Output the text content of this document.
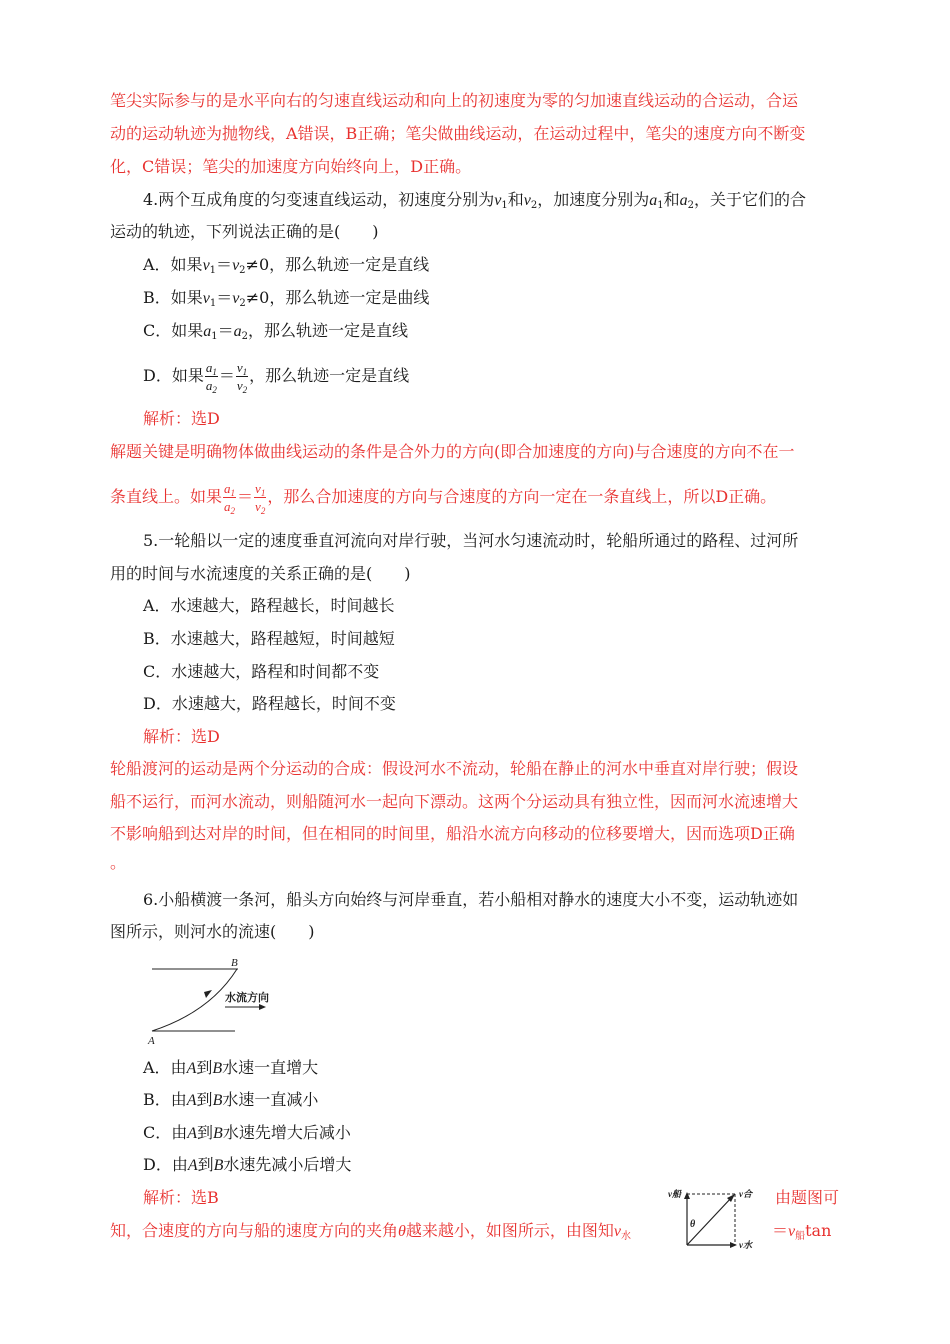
笔尖实际参与的是水平向右的匀速直线运动和向上的初速度为零的匀加速直线运动的合运动，合运
动的运动轨迹为抛物线，A错误，B正确；笔尖做曲线运动，在运动过程中，笔尖的速度方向不断变
化，C错误；笔尖的加速度方向始终向上，D正确。
4.两个互成角度的匀变速直线运动，初速度分别为$v_1$和$v_2$，加速度分别为$a_1$和$a_2$，关于它们的合
运动的轨迹，下列说法正确的是(　　)
A．如果$v_1=v_2\ne 0$，那么轨迹一定是直线
B．如果$v_1=v_2\ne 0$，那么轨迹一定是曲线
C．如果$a_1=a_2$，那么轨迹一定是直线
D．如果 $\frac{a_1}{a_2} = \frac{v_1}{v_2}$ ，那么轨迹一定是直线
解析：选D
解题关键是明确物体做曲线运动的条件是合外力的方向(即合加速度的方向)与合速度的方向不在一
条直线上。如果 $\frac{a_1}{a_2} = \frac{v_1}{v_2}$ ，那么合加速度的方向与合速度的方向一定在一条直线上，所以D正确。
5.一轮船以一定的速度垂直河流向对岸行驶，当河水匀速流动时，轮船所通过的路程、过河所
用的时间与水流速度的关系正确的是(　　)
A．水速越大，路程越长，时间越长
B．水速越大，路程越短，时间越短
C．水速越大，路程和时间都不变
D．水速越大，路程越长，时间不变
解析：选D
轮船渡河的运动是两个分运动的合成：假设河水不流动，轮船在静止的河水中垂直对岸行驶；假设
船不运行，而河水流动，则船随河水一起向下漂动。这两个分运动具有独立性，因而河水流速增大
不影响船到达对岸的时间，但在相同的时间里，船沿水流方向移动的位移要增大，因而选项D正确
。
6.小船横渡一条河，船头方向始终与河岸垂直，若小船相对静水的速度大小不变，运动轨迹如
图所示，则河水的流速(　　)
B
A
水流方向
A．由A到B水速一直增大
B．由A到B水速一直减小
C．由A到B水速先增大后减小
D．由A到B水速先减小后增大
解析：选B	v船	v合
v水
θ
由题图可
知，合速度的方向与船的速度方向的夹角θ越来越小，如图所示，由图知$v_水$	$=v_船\tan$
